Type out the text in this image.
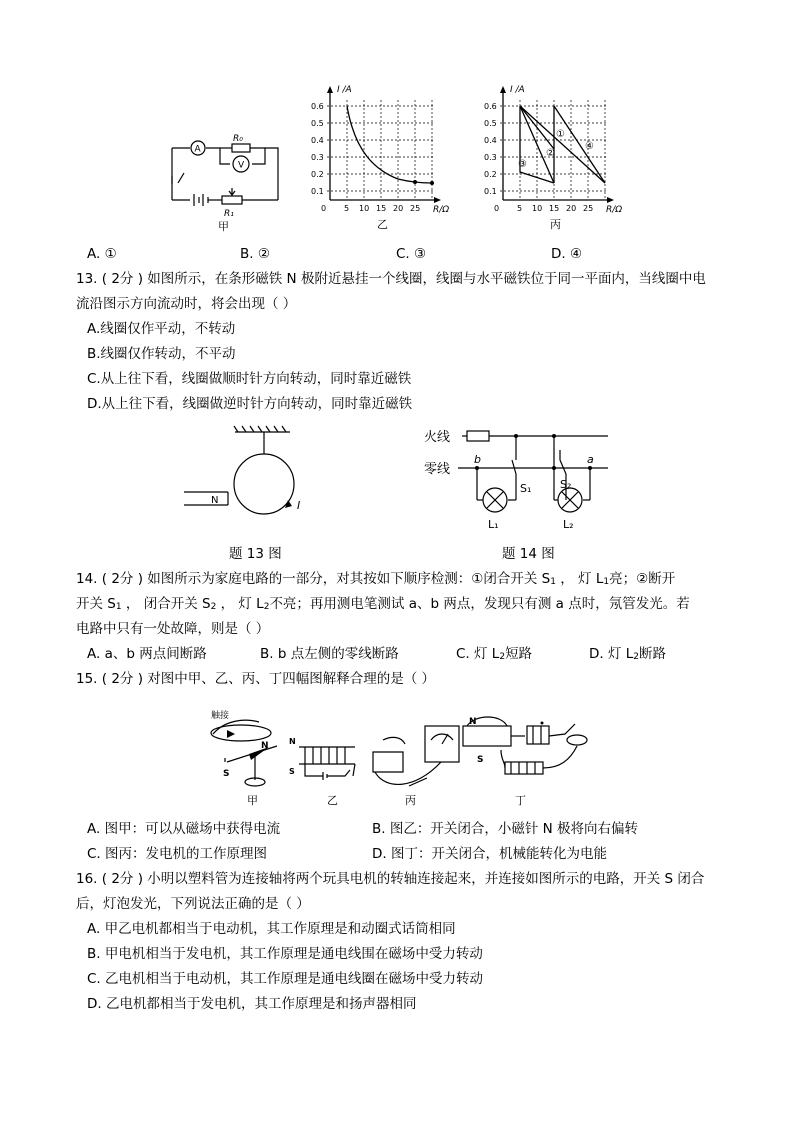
A
V
R₀
R₁
甲
I /A
R/Ω
0.6
0.5
0.4
0.3
0.2
0.1
0 5 10 15 20 25
乙
①
②
③
④
I /A
R/Ω
0.6
0.5
0.4
0.3
0.2
0.1
0 5 10 15 20 25
丙
A. ①	B. ②	C. ③	D. ④
13. ( 2分 ) 如图所示，在条形磁铁 N 极附近悬挂一个线圈，线圈与水平磁铁位于同一平面内，当线圈中电
流沿图示方向流动时，将会出现（ ）
A.线圈仅作平动，不转动
B.线圈仅作转动，不平动
C.从上往下看，线圈做顺时针方向转动，同时靠近磁铁
D.从上往下看，线圈做逆时针方向转动，同时靠近磁铁
N	I
题 13 图
火线
零线
b	a
S₁	S₂
L₁	L₂
题 14 图
14. ( 2分 ) 如图所示为家庭电路的一部分，对其按如下顺序检测：①闭合开关 S1 ， 灯 L1亮；②断开
开关 S1 ， 闭合开关 S2 ， 灯 L2不亮；再用测电笔测试 a、b 两点，发现只有测 a 点时，氖管发光。若
电路中只有一处故障，则是（ ）
A. a、b 两点间断路	B. b 点左侧的零线断路	C. 灯 L2短路	D. 灯 L2断路
15. ( 2分 ) 对图中甲、乙、丙、丁四幅图解释合理的是（ ）
触接
N
S
N
S
N
S
甲	乙	丙	丁
A. 图甲：可以从磁场中获得电流	B. 图乙：开关闭合，小磁针 N 极将向右偏转
C. 图丙：发电机的工作原理图	D. 图丁：开关闭合，机械能转化为电能
16. ( 2分 ) 小明以塑料管为连接轴将两个玩具电机的转轴连接起来，并连接如图所示的电路，开关 S 闭合
后，灯泡发光，下列说法正确的是（ ）
A. 甲乙电机都相当于电动机，其工作原理是和动圈式话筒相同
B. 甲电机相当于发电机，其工作原理是通电线围在磁场中受力转动
C. 乙电机相当于电动机，其工作原理是通电线圈在磁场中受力转动
D. 乙电机都相当于发电机，其工作原理是和扬声器相同
